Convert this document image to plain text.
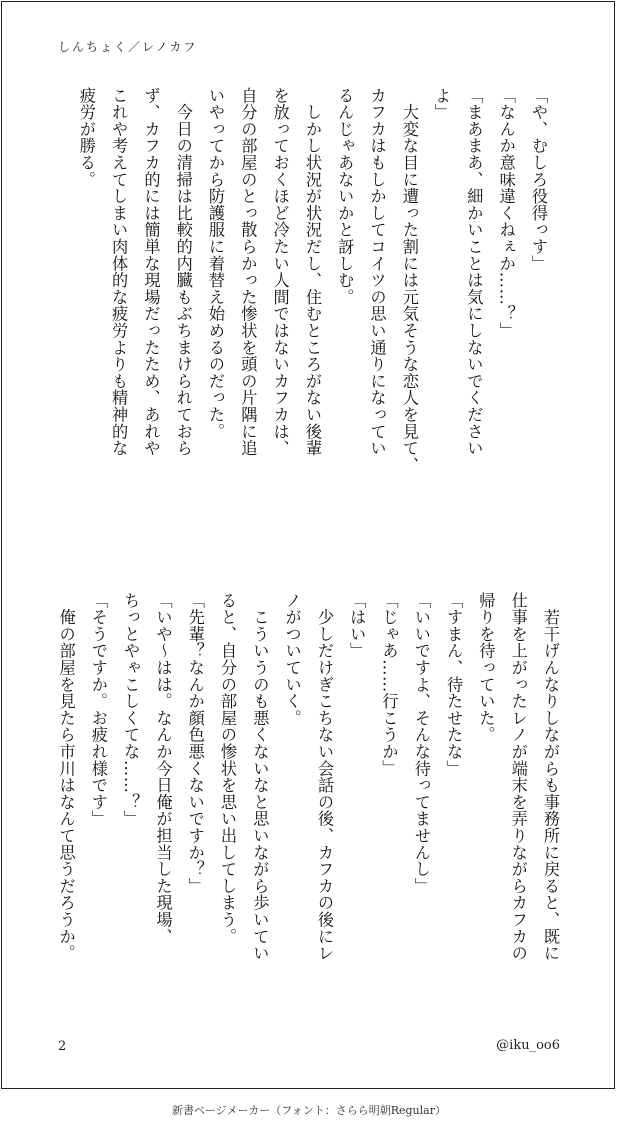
しんちょく／レノカフ
「や、むしろ役得っす」
「なんか意味違くねぇか……？」
「まあまあ、細かいことは気にしないでください
よ」
　大変な目に遭った割には元気そうな恋人を見て、
カフカはもしかしてコイツの思い通りになってい
るんじゃあないかと訝しむ。
　しかし状況が状況だし、住むところがない後輩
を放っておくほど冷たい人間ではないカフカは、
自分の部屋のとっ散らかった惨状を頭の片隅に追
いやってから防護服に着替え始めるのだった。
　今日の清掃は比較的内臓もぶちまけられておら
ず、カフカ的には簡単な現場だったため、あれや
これや考えてしまい肉体的な疲労よりも精神的な
疲労が勝る。
　若干げんなりしながらも事務所に戻ると、既に
仕事を上がったレノが端末を弄りながらカフカの
帰りを待っていた。
「すまん、待たせたな」
「いいですよ、そんな待ってませんし」
「じゃあ……行こうか」
「はい」
　少しだけぎこちない会話の後、カフカの後にレ
ノがついていく。
　こういうのも悪くないなと思いながら歩いてい
ると、自分の部屋の惨状を思い出してしまう。
「先輩？なんか顔色悪くないですか？」
「いや～はは。なんか今日俺が担当した現場、
ちっとやゃこしくてな……？」
「そうですか。お疲れ様です」
　俺の部屋を見たら市川はなんて思うだろうか。
2	@iku_oo6
新書ページメーカー（フォント：さらら明朝Regular）
